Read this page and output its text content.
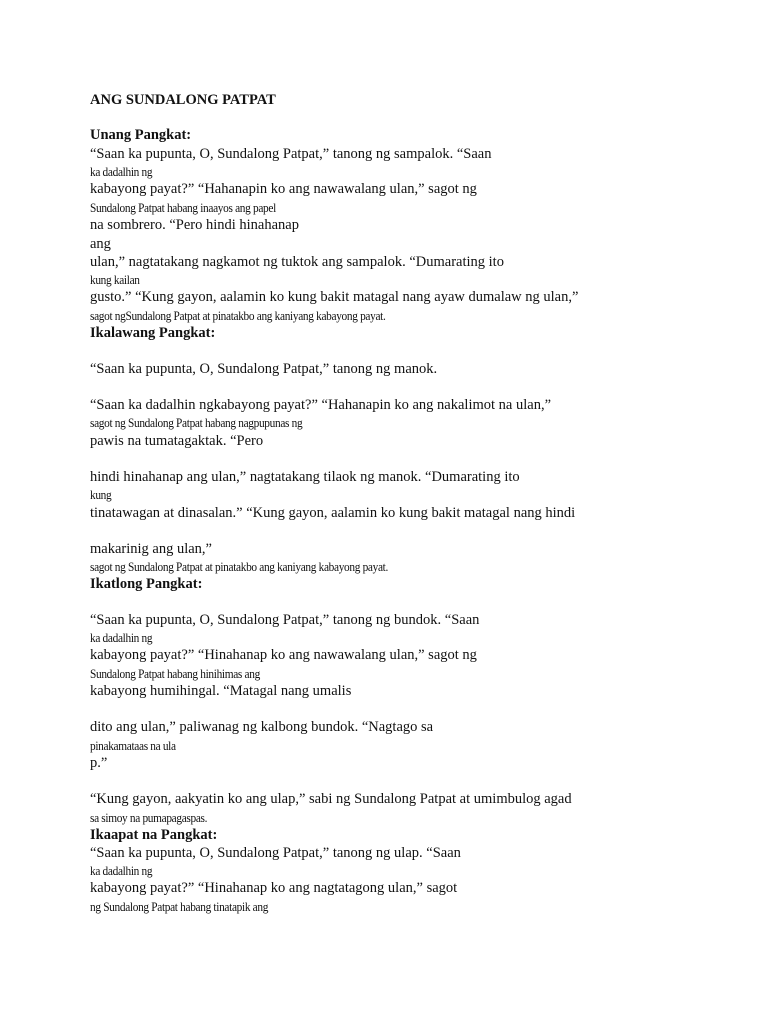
ANG SUNDALONG PATPAT
Unang Pangkat:
“Saan ka pupunta, O, Sundalong Patpat,” tanong ng sampalok. “Saan
ka dadalhin ng
kabayong payat?” “Hahanapin ko ang nawawalang ulan,” sagot ng
Sundalong Patpat habang inaayos ang papel
na sombrero. “Pero hindi hinahanap
ang
ulan,” nagtatakang nagkamot ng tuktok ang sampalok. “Dumarating ito
kung kailan
gusto.” “Kung gayon, aalamin ko kung bakit matagal nang ayaw dumalaw ng ulan,”
sagot ngSundalong Patpat at pinatakbo ang kaniyang kabayong payat.
Ikalawang Pangkat:
“Saan ka pupunta, O, Sundalong Patpat,” tanong ng manok.
“Saan ka dadalhin ngkabayong payat?” “Hahanapin ko ang nakalimot na ulan,”
sagot ng Sundalong Patpat habang nagpupunas ng
pawis na tumatagaktak. “Pero
hindi hinahanap ang ulan,” nagtatakang tilaok ng manok. “Dumarating ito
kung
tinatawagan at dinasalan.” “Kung gayon, aalamin ko kung bakit matagal nang hindi
makarinig ang ulan,”
sagot ng Sundalong Patpat at pinatakbo ang kaniyang kabayong payat.
Ikatlong Pangkat:
“Saan ka pupunta, O, Sundalong Patpat,” tanong ng bundok. “Saan
ka dadalhin ng
kabayong payat?” “Hinahanap ko ang nawawalang ulan,” sagot ng
Sundalong Patpat habang hinihimas ang
kabayong humihingal. “Matagal nang umalis
dito ang ulan,” paliwanag ng kalbong bundok. “Nagtago sa
pinakamataas na ula
p.”
“Kung gayon, aakyatin ko ang ulap,” sabi ng Sundalong Patpat at umimbulog agad
sa simoy na pumapagaspas.
Ikaapat na Pangkat:
“Saan ka pupunta, O, Sundalong Patpat,” tanong ng ulap. “Saan
ka dadalhin ng
kabayong payat?” “Hinahanap ko ang nagtatagong ulan,” sagot
ng Sundalong Patpat habang tinatapik ang
